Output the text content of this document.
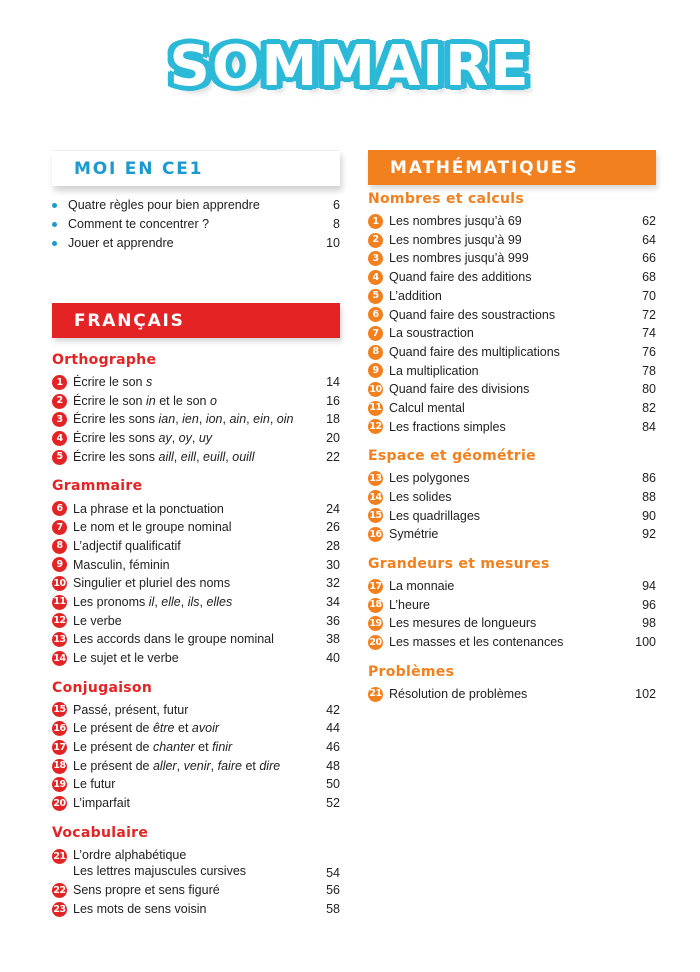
SOMMAIRE
MOI EN CE1
Quatre règles pour bien apprendre	6
Comment te concentrer ?	8
Jouer et apprendre	10
FRANÇAIS
Orthographe
1 Écrire le son s	14
2 Écrire le son in et le son o	16
3 Écrire les sons ian, ien, ion, ain, ein, oin	18
4 Écrire les sons ay, oy, uy	20
5 Écrire les sons aill, eill, euill, ouill	22
Grammaire
6 La phrase et la ponctuation	24
7 Le nom et le groupe nominal	26
8 L’adjectif qualificatif	28
9 Masculin, féminin	30
10 Singulier et pluriel des noms	32
11 Les pronoms il, elle, ils, elles	34
12 Le verbe	36
13 Les accords dans le groupe nominal	38
14 Le sujet et le verbe	40
Conjugaison
15 Passé, présent, futur	42
16 Le présent de être et avoir	44
17 Le présent de chanter et finir	46
18 Le présent de aller, venir, faire et dire	48
19 Le futur	50
20 L’imparfait	52
Vocabulaire
21 L’ordre alphabétique
Les lettres majuscules cursives	54
22 Sens propre et sens figuré	56
23 Les mots de sens voisin	58
MATHÉMATIQUES
Nombres et calculs
1 Les nombres jusqu’à 69	62
2 Les nombres jusqu’à 99	64
3 Les nombres jusqu’à 999	66
4 Quand faire des additions	68
5 L’addition	70
6 Quand faire des soustractions	72
7 La soustraction	74
8 Quand faire des multiplications	76
9 La multiplication	78
10 Quand faire des divisions	80
11 Calcul mental	82
12 Les fractions simples	84
Espace et géométrie
13 Les polygones	86
14 Les solides	88
15 Les quadrillages	90
16 Symétrie	92
Grandeurs et mesures
17 La monnaie	94
18 L’heure	96
19 Les mesures de longueurs	98
20 Les masses et les contenances	100
Problèmes
21 Résolution de problèmes	102
